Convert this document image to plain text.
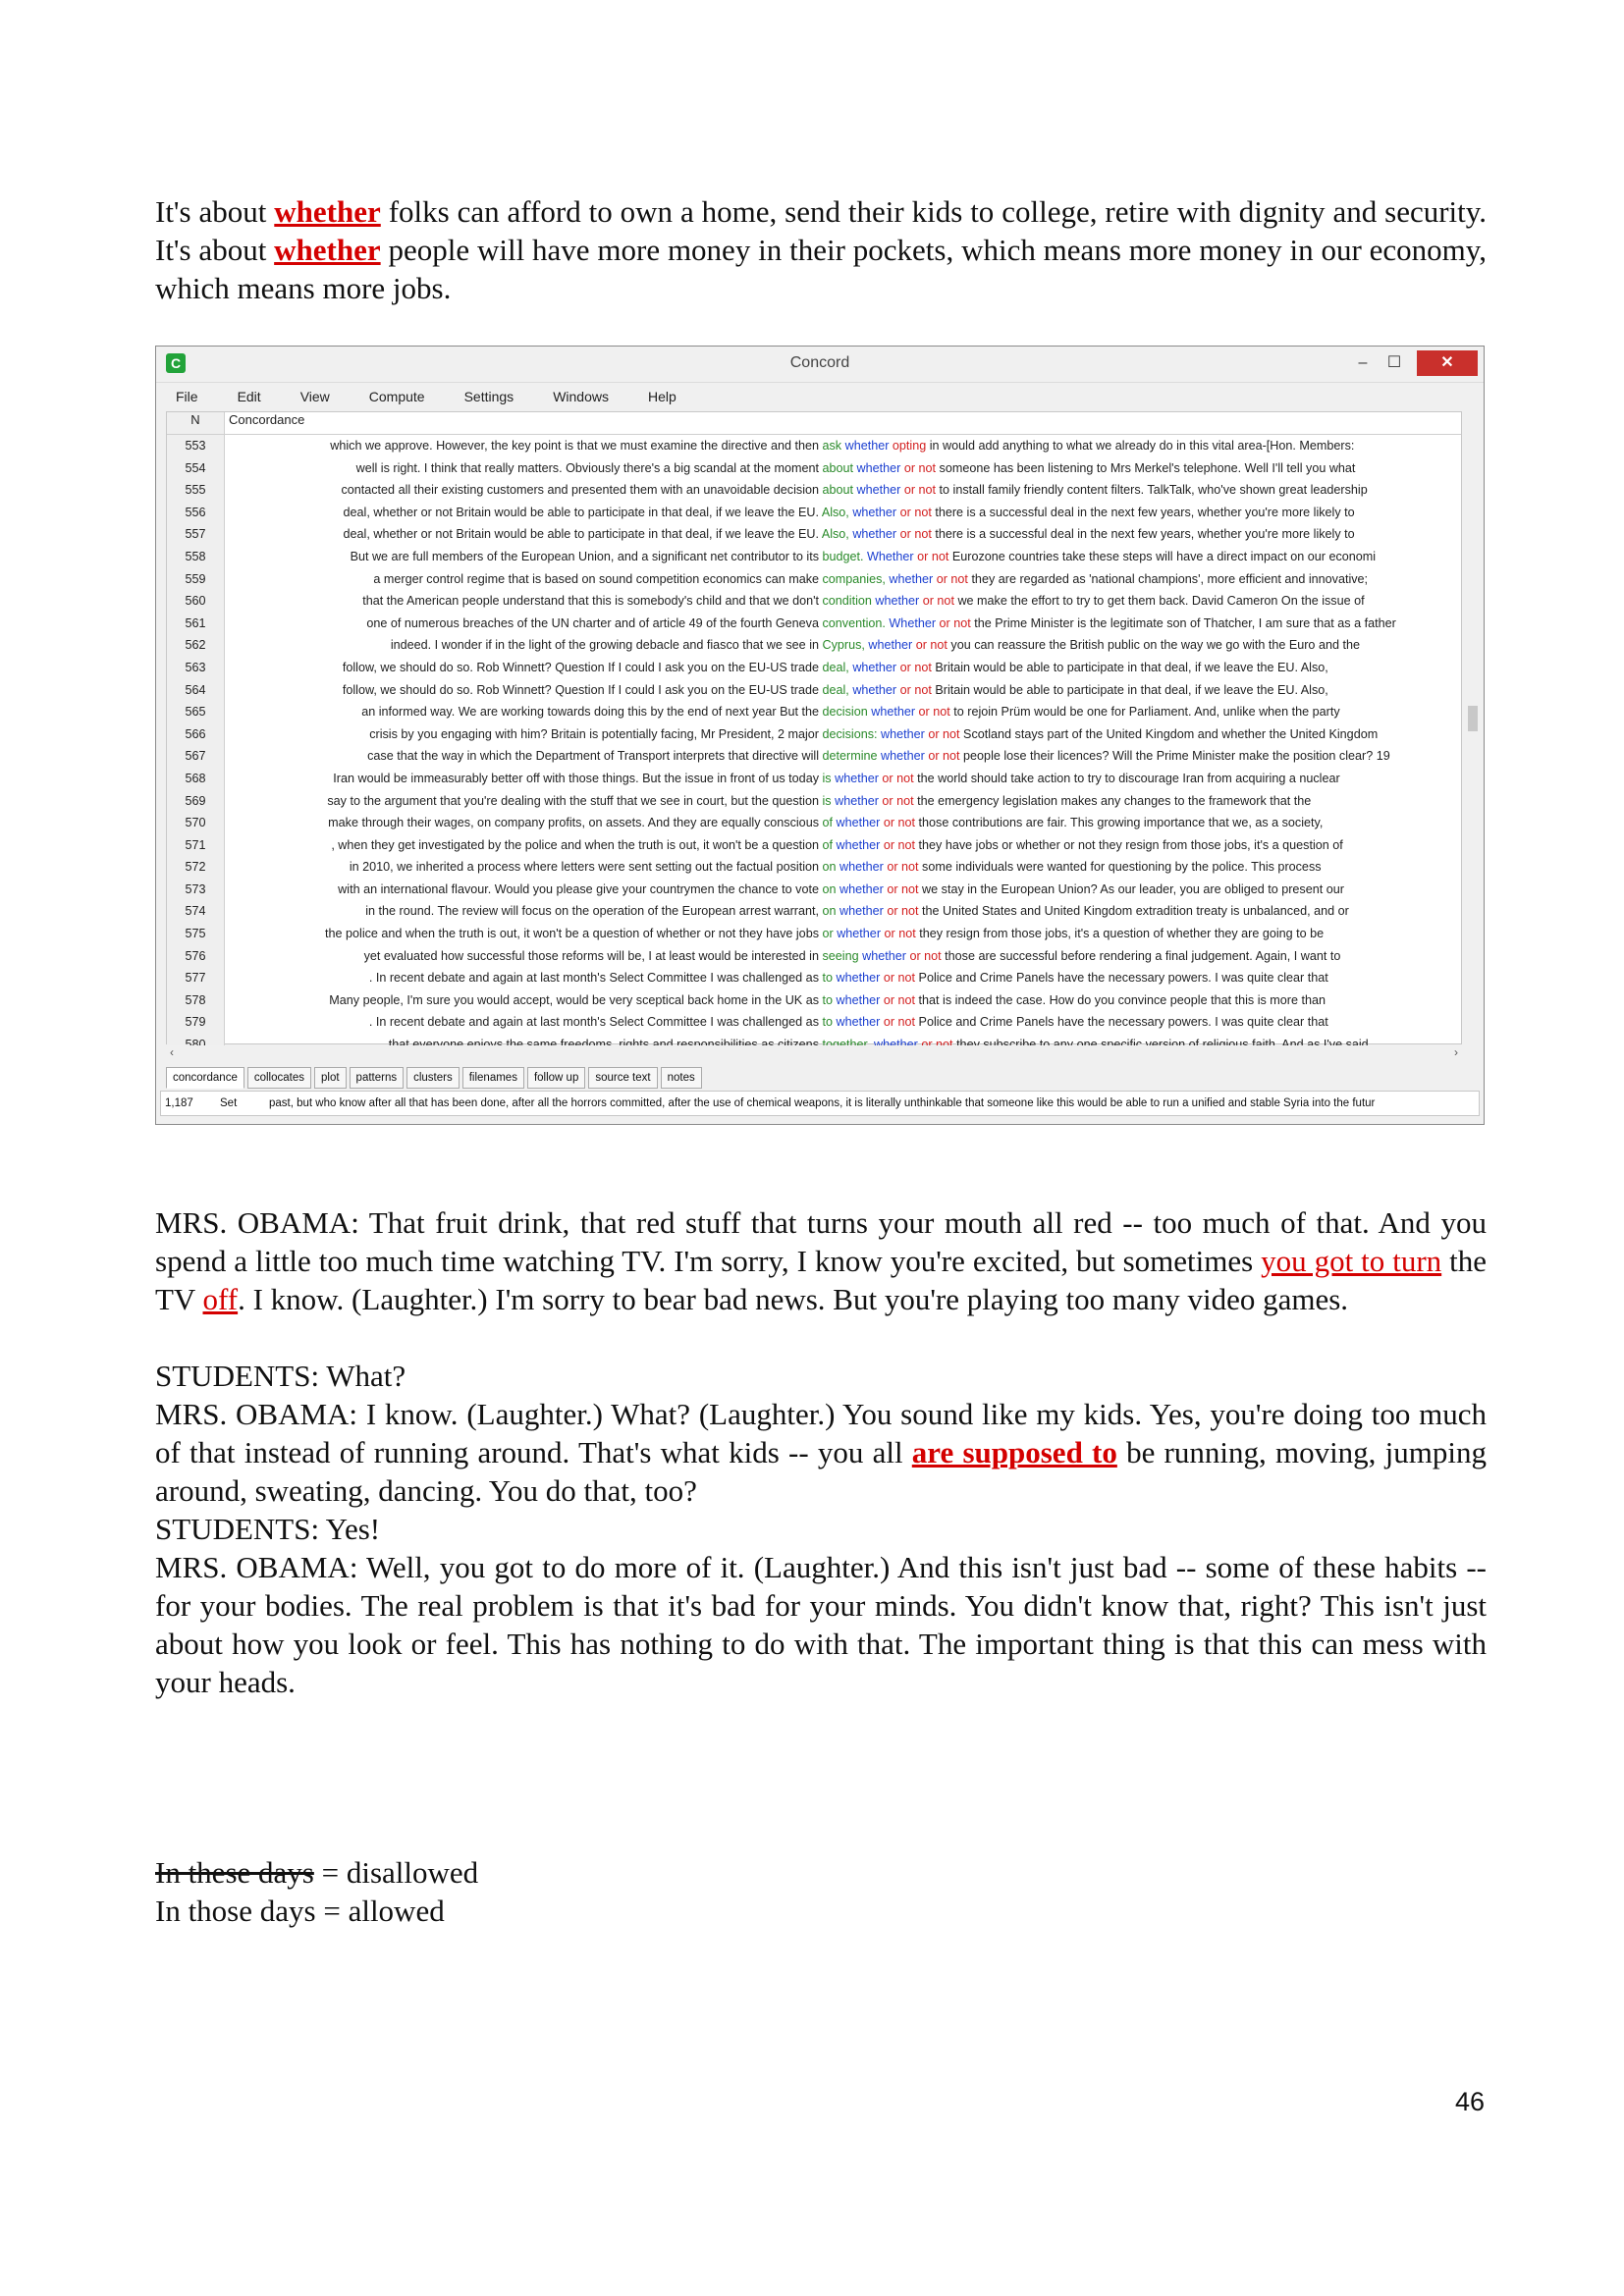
It's about whether folks can afford to own a home, send their kids to college, retire with dignity and security. It's about whether people will have more money in their pockets, which means more money in our economy, which means more jobs.

C	Concord	–	☐	✕
File	Edit	View	Compute	Settings	Windows	Help
N	Concordance
553	which we approve. However, the key point is that we must examine the directive and then ask whether opting in would add anything to what we already do in this vital area-[Hon. Members:
554	well is right. I think that really matters. Obviously there's a big scandal at the moment about whether or not someone has been listening to Mrs Merkel's telephone. Well I'll tell you what
555	contacted all their existing customers and presented them with an unavoidable decision about whether or not to install family friendly content filters. TalkTalk, who've shown great leadership
556	deal, whether or not Britain would be able to participate in that deal, if we leave the EU. Also, whether or not there is a successful deal in the next few years, whether you're more likely to
557	deal, whether or not Britain would be able to participate in that deal, if we leave the EU. Also, whether or not there is a successful deal in the next few years, whether you're more likely to
558	But we are full members of the European Union, and a significant net contributor to its budget. Whether or not Eurozone countries take these steps will have a direct impact on our economi
559	a merger control regime that is based on sound competition economics can make companies, whether or not they are regarded as 'national champions', more efficient and innovative;
560	that the American people understand that this is somebody's child and that we don't condition whether or not we make the effort to try to get them back. David Cameron On the issue of
561	one of numerous breaches of the UN charter and of article 49 of the fourth Geneva convention. Whether or not the Prime Minister is the legitimate son of Thatcher, I am sure that as a father
562	indeed. I wonder if in the light of the growing debacle and fiasco that we see in Cyprus, whether or not you can reassure the British public on the way we go with the Euro and the
563	follow, we should do so. Rob Winnett? Question If I could I ask you on the EU-US trade deal, whether or not Britain would be able to participate in that deal, if we leave the EU. Also,
564	follow, we should do so. Rob Winnett? Question If I could I ask you on the EU-US trade deal, whether or not Britain would be able to participate in that deal, if we leave the EU. Also,
565	an informed way. We are working towards doing this by the end of next year But the decision whether or not to rejoin Prüm would be one for Parliament. And, unlike when the party
566	crisis by you engaging with him? Britain is potentially facing, Mr President, 2 major decisions: whether or not Scotland stays part of the United Kingdom and whether the United Kingdom
567	case that the way in which the Department of Transport interprets that directive will determine whether or not people lose their licences? Will the Prime Minister make the position clear? 19
568	Iran would be immeasurably better off with those things. But the issue in front of us today is whether or not the world should take action to try to discourage Iran from acquiring a nuclear
569	say to the argument that you're dealing with the stuff that we see in court, but the question is whether or not the emergency legislation makes any changes to the framework that the
570	make through their wages, on company profits, on assets. And they are equally conscious of whether or not those contributions are fair. This growing importance that we, as a society,
571	, when they get investigated by the police and when the truth is out, it won't be a question of whether or not they have jobs or whether or not they resign from those jobs, it's a question of
572	in 2010, we inherited a process where letters were sent setting out the factual position on whether or not some individuals were wanted for questioning by the police. This process
573	with an international flavour. Would you please give your countrymen the chance to vote on whether or not we stay in the European Union? As our leader, you are obliged to present our
574	in the round. The review will focus on the operation of the European arrest warrant, on whether or not the United States and United Kingdom extradition treaty is unbalanced, and or
575	the police and when the truth is out, it won't be a question of whether or not they have jobs or whether or not they resign from those jobs, it's a question of whether they are going to be
576	yet evaluated how successful those reforms will be, I at least would be interested in seeing whether or not those are successful before rendering a final judgement. Again, I want to
577	. In recent debate and again at last month's Select Committee I was challenged as to whether or not Police and Crime Panels have the necessary powers. I was quite clear that
578	Many people, I'm sure you would accept, would be very sceptical back home in the UK as to whether or not that is indeed the case. How do you convince people that this is more than
579	. In recent debate and again at last month's Select Committee I was challenged as to whether or not Police and Crime Panels have the necessary powers. I was quite clear that
‹	›
concordance	collocates	plot	patterns	clusters	filenames	follow up	source text	notes
1,187	Set	past, but who know after all that has been done, after all the horrors committed, after the use of chemical weapons, it is literally unthinkable that someone like this would be able to run a unified and stable Syria into the futur

MRS. OBAMA: That fruit drink, that red stuff that turns your mouth all red -- too much of that. And you spend a little too much time watching TV. I'm sorry, I know you're excited, but sometimes you got to turn the TV off. I know. (Laughter.) I'm sorry to bear bad news. But you're playing too many video games.

STUDENTS: What?

MRS. OBAMA: I know. (Laughter.) What? (Laughter.) You sound like my kids. Yes, you're doing too much of that instead of running around. That's what kids -- you all are supposed to be running, moving, jumping around, sweating, dancing. You do that, too?

STUDENTS: Yes!

MRS. OBAMA: Well, you got to do more of it. (Laughter.) And this isn't just bad -- some of these habits -- for your bodies. The real problem is that it's bad for your minds. You didn't know that, right? This isn't just about how you look or feel. This has nothing to do with that. The important thing is that this can mess with your heads.

In these days = disallowed

In those days = allowed

46
